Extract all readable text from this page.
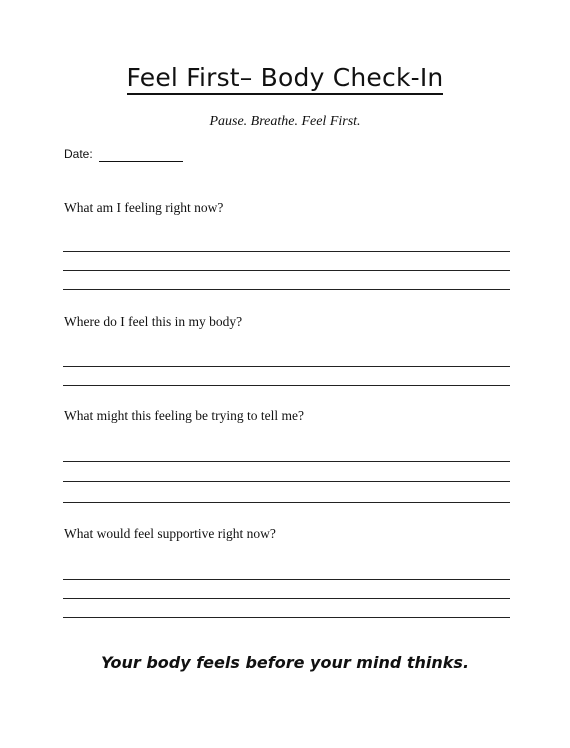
Feel First– Body Check-In
Pause. Breathe. Feel First.
Date:
What am I feeling right now?
Where do I feel this in my body?
What might this feeling be trying to tell me?
What would feel supportive right now?
Your body feels before your mind thinks.
